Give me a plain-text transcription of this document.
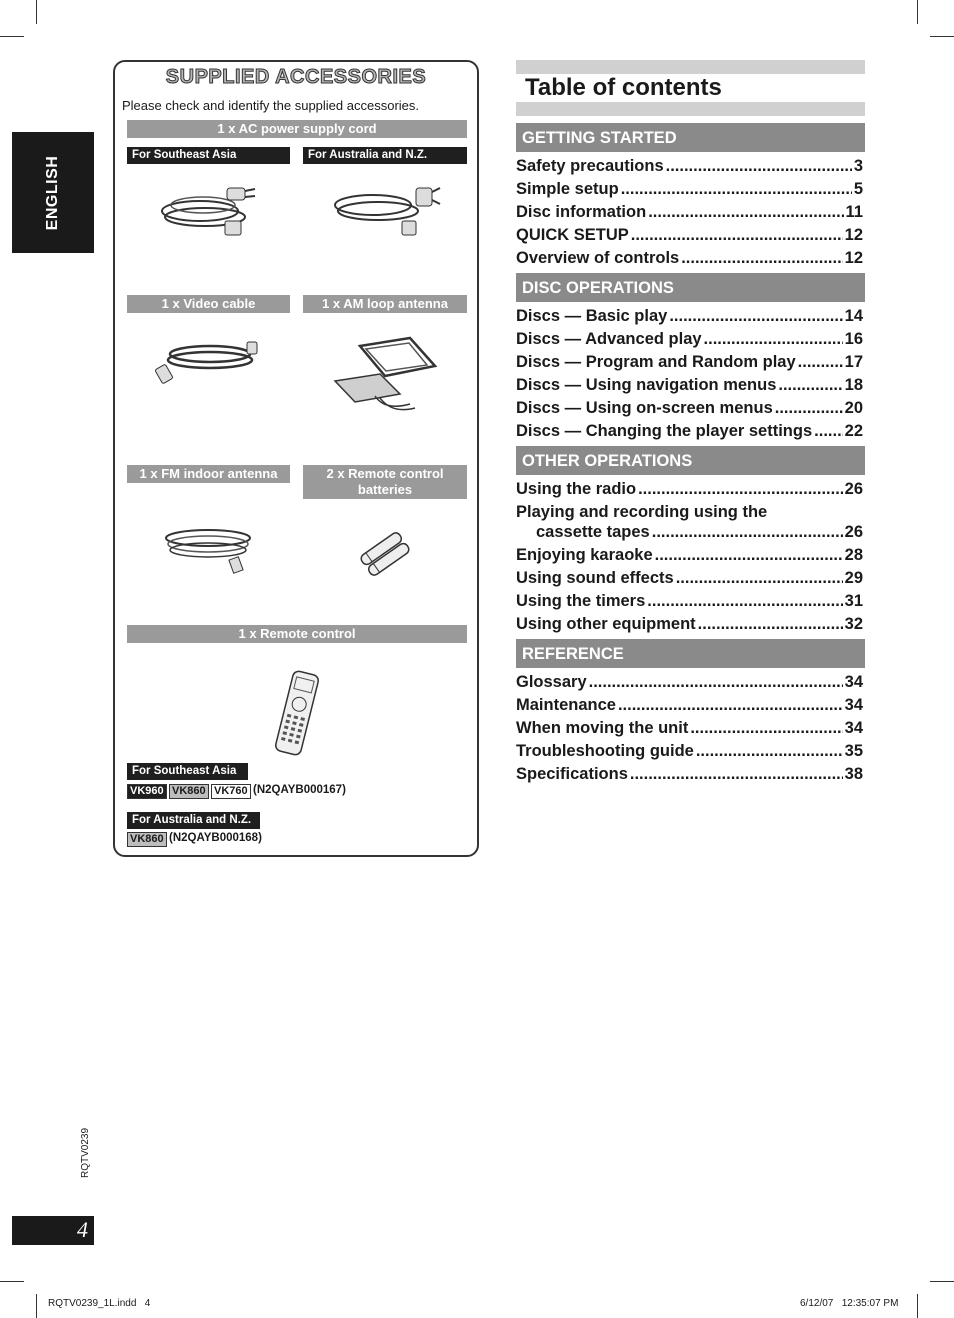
ENGLISH
SUPPLIED ACCESSORIES
Please check and identify the supplied accessories.
1 x AC power supply cord
For Southeast Asia	For Australia and N.Z.
1 x Video cable	1 x AM loop antenna
1 x FM indoor antenna	2 x Remote control
batteries
1 x Remote control
For Southeast Asia
VK960 VK860 VK760 (N2QAYB000167)
For Australia and N.Z.
VK860 (N2QAYB000168)
Table of contents
GETTING STARTED
Safety precautions .....	3
Simple setup .....	5
Disc information .....	11
QUICK SETUP .....	12
Overview of controls .....	12
DISC OPERATIONS
Discs — Basic play .....	14
Discs — Advanced play .....	16
Discs — Program and Random play .....	17
Discs — Using navigation menus .....	18
Discs — Using on-screen menus .....	20
Discs — Changing the player settings ..... 22
OTHER OPERATIONS
Using the radio .....	26
Playing and recording using the
cassette tapes .....	26
Enjoying karaoke .....	28
Using sound effects .....	29
Using the timers .....	31
Using other equipment .....	32
REFERENCE
Glossary .....	34
Maintenance .....	34
When moving the unit .....	34
Troubleshooting guide .....	35
Specifications .....	38
RQTV0239
4
RQTV0239_1L.indd   4	6/12/07   12:35:07 PM
